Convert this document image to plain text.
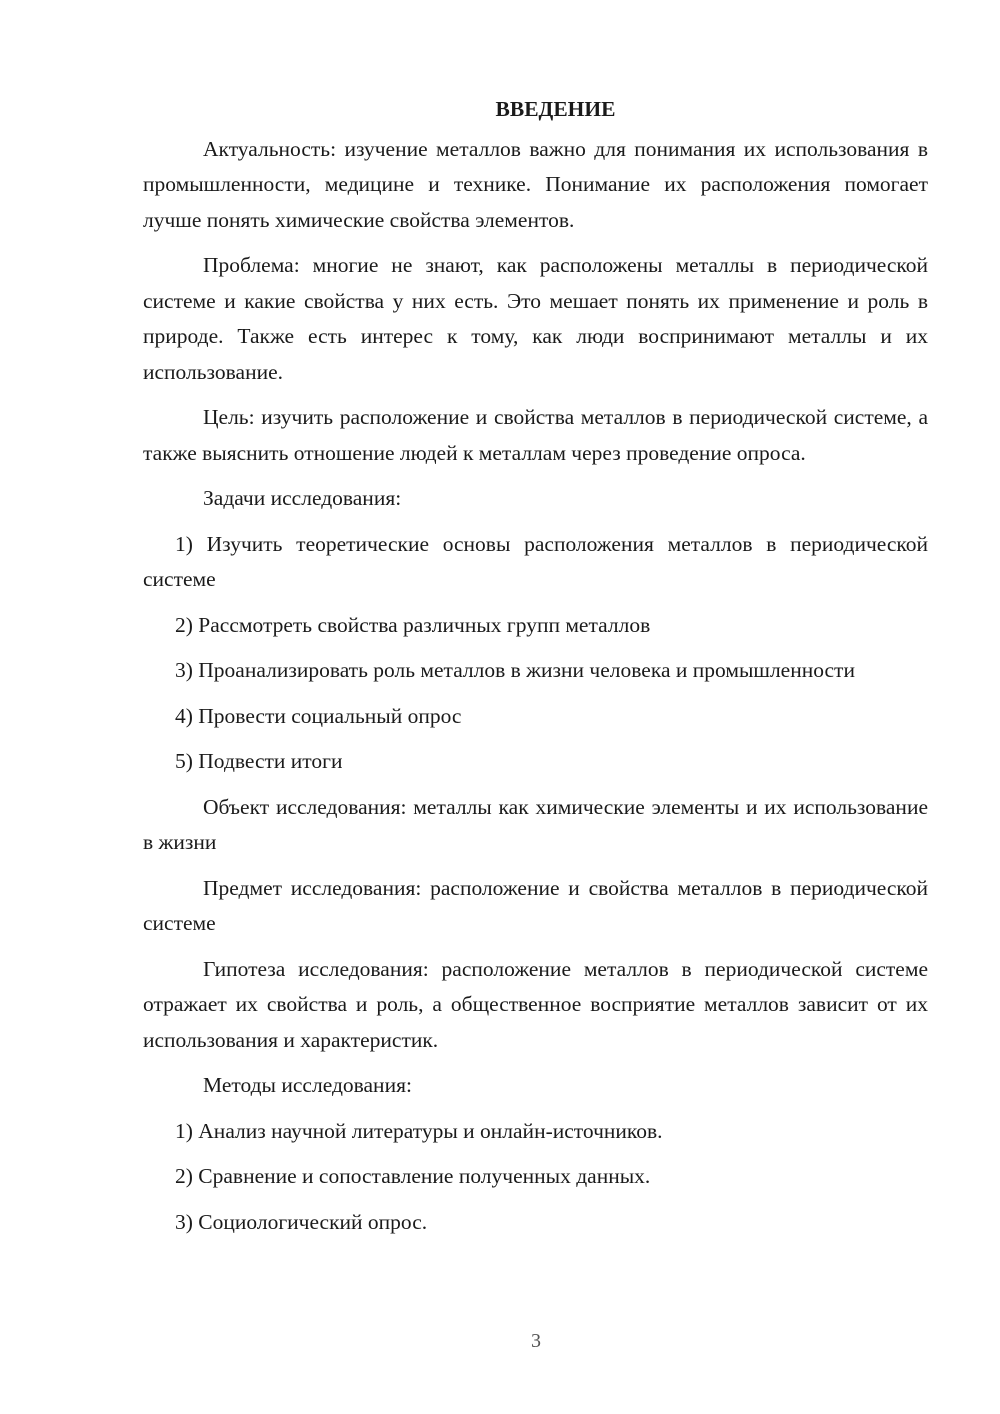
ВВЕДЕНИЕ

Актуальность: изучение металлов важно для понимания их использования в промышленности, медицине и технике. Понимание их расположения помогает лучше понять химические свойства элементов.

Проблема: многие не знают, как расположены металлы в периодической системе и какие свойства у них есть. Это мешает понять их применение и роль в природе. Также есть интерес к тому, как люди воспринимают металлы и их использование.

Цель: изучить расположение и свойства металлов в периодической системе, а также выяснить отношение людей к металлам через проведение опроса.

Задачи исследования:

1) Изучить теоретические основы расположения металлов в периодической системе

2) Рассмотреть свойства различных групп металлов

3) Проанализировать роль металлов в жизни человека и промышленности

4) Провести социальный опрос

5) Подвести итоги

Объект исследования: металлы как химические элементы и их использование в жизни

Предмет исследования: расположение и свойства металлов в периодической системе

Гипотеза исследования: расположение металлов в периодической системе отражает их свойства и роль, а общественное восприятие металлов зависит от их использования и характеристик.

Методы исследования:

1) Анализ научной литературы и онлайн-источников.

2) Сравнение и сопоставление полученных данных.

3) Социологический опрос.

3
